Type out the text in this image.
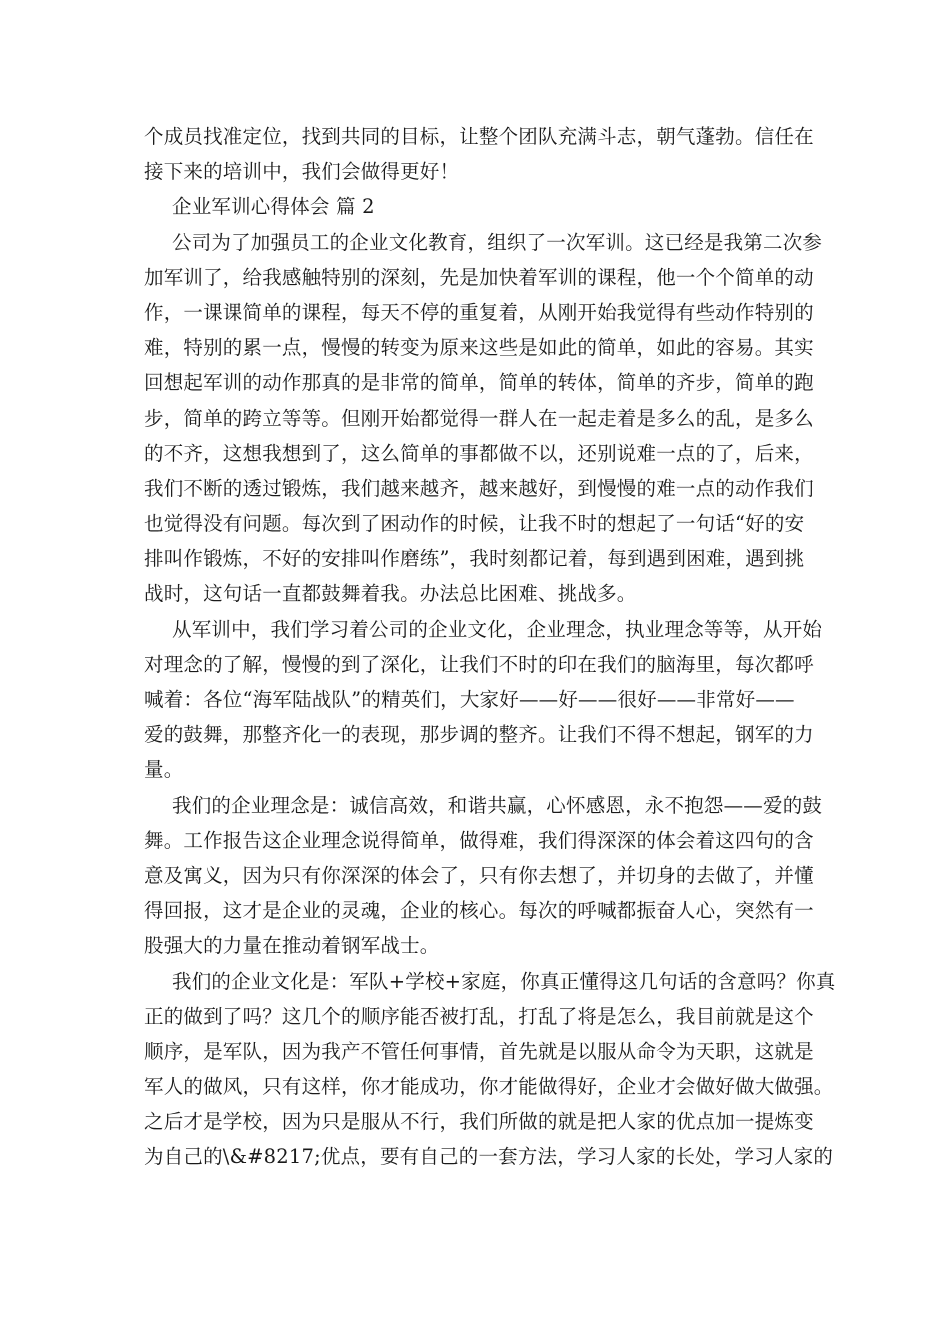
个成员找准定位，找到共同的目标，让整个团队充满斗志，朝气蓬勃。信任在
接下来的培训中，我们会做得更好！
企业军训心得体会 篇 2
公司为了加强员工的企业文化教育，组织了一次军训。这已经是我第二次参
加军训了，给我感触特别的深刻，先是加快着军训的课程，他一个个简单的动
作，一课课简单的课程，每天不停的重复着，从刚开始我觉得有些动作特别的
难，特别的累一点，慢慢的转变为原来这些是如此的简单，如此的容易。其实
回想起军训的动作那真的是非常的简单，简单的转体，简单的齐步，简单的跑
步，简单的跨立等等。但刚开始都觉得一群人在一起走着是多么的乱，是多么
的不齐，这想我想到了，这么简单的事都做不以，还别说难一点的了，后来，
我们不断的透过锻炼，我们越来越齐，越来越好，到慢慢的难一点的动作我们
也觉得没有问题。每次到了困动作的时候，让我不时的想起了一句话“好的安
排叫作锻炼，不好的安排叫作磨练”，我时刻都记着，每到遇到困难，遇到挑
战时，这句话一直都鼓舞着我。办法总比困难、挑战多。
从军训中，我们学习着公司的企业文化，企业理念，执业理念等等，从开始
对理念的了解，慢慢的到了深化，让我们不时的印在我们的脑海里，每次都呼
喊着：各位“海军陆战队”的精英们，大家好——好——很好——非常好——
爱的鼓舞，那整齐化一的表现，那步调的整齐。让我们不得不想起，钢军的力
量。
我们的企业理念是：诚信高效，和谐共赢，心怀感恩，永不抱怨——爱的鼓
舞。工作报告这企业理念说得简单，做得难，我们得深深的体会着这四句的含
意及寓义，因为只有你深深的体会了，只有你去想了，并切身的去做了，并懂
得回报，这才是企业的灵魂，企业的核心。每次的呼喊都振奋人心，突然有一
股强大的力量在推动着钢军战士。
我们的企业文化是：军队+学校+家庭，你真正懂得这几句话的含意吗？你真
正的做到了吗？这几个的顺序能否被打乱，打乱了将是怎么，我目前就是这个
顺序，是军队，因为我产不管任何事情，首先就是以服从命令为天职，这就是
军人的做风，只有这样，你才能成功，你才能做得好，企业才会做好做大做强。
之后才是学校，因为只是服从不行，我们所做的就是把人家的优点加一提炼变
为自己的\&#8217;优点，要有自己的一套方法，学习人家的长处，学习人家的
